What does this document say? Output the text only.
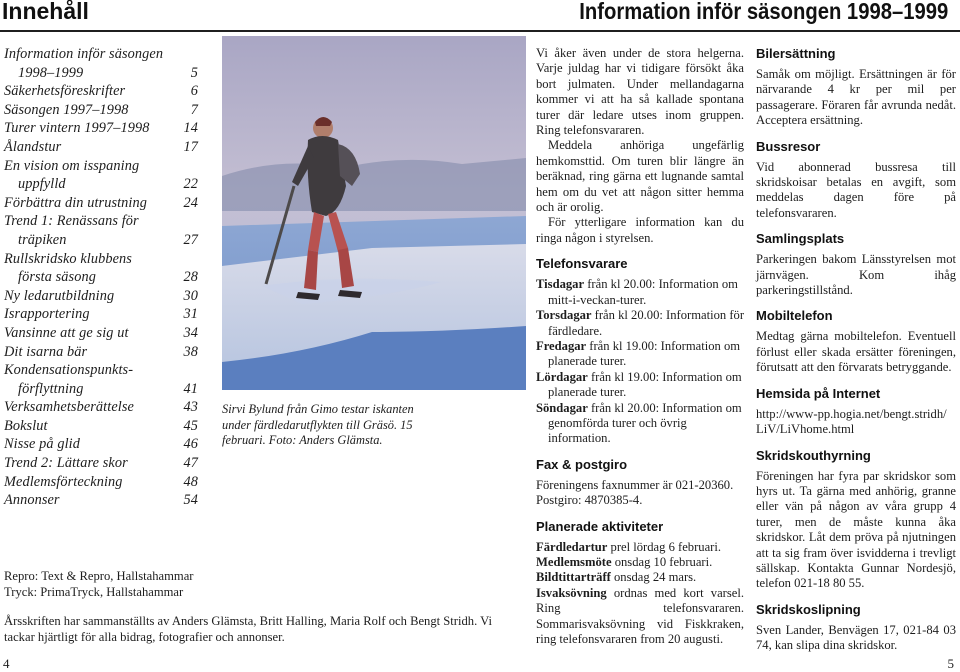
Innehåll	Information inför säsongen 1998–1999
Information inför säsongen
1998–1999	5
Säkerhetsföreskrifter	6
Säsongen 1997–1998	7
Turer vintern 1997–1998	14
Ålandstur	17
En vision om isspaning
uppfylld	22
Förbättra din utrustning	24
Trend 1: Renässans för
träpiken	27
Rullskridsko klubbens
första säsong	28
Ny ledarutbildning	30
Israpportering	31
Vansinne att ge sig ut	34
Dit isarna bär	38
Kondensationspunkts-
förflyttning	41
Verksamhetsberättelse	43
Bokslut	45
Nisse på glid	46
Trend 2: Lättare skor	47
Medlemsförteckning	48
Annonser	54
Repro: Text & Repro, Hallstahammar
Tryck: PrimaTryck, Hallstahammar
Årsskriften har sammanställts av Anders Glämsta, Britt Halling, Maria Rolf och Bengt Stridh. Vi tackar hjärtligt för alla bidrag, fotografier och annonser.
4	5
Sirvi Bylund från Gimo testar iskanten under färdledarutflykten till Gräsö. 15 februari. Foto: Anders Glämsta.

Vi åker även under de stora helgerna. Varje juldag har vi tidigare försökt åka bort julmaten. Under mellandagarna kommer vi att ha så kallade spontana turer där ledare utses inom gruppen. Ring telefonsvararen.

Meddela anhöriga ungefärlig hemkomsttid. Om turen blir längre än beräknad, ring gärna ett lugnande samtal hem om du vet att någon sitter hemma och är orolig.

För ytterligare information kan du ringa någon i styrelsen.

Telefonsvarare
Tisdagar från kl 20.00: Information om mitt-i-veckan-turer.
Torsdagar från kl 20.00: Information för färdledare.
Fredagar från kl 19.00: Information om planerade turer.
Lördagar från kl 19.00: Information om planerade turer.
Söndagar från kl 20.00: Information om genomförda turer och övrig information.
Fax & postgiro

Föreningens faxnummer är 021-20360.

Postgiro: 4870385-4.

Planerade aktiviteter

Färdledartur prel lördag 6 februari.

Medlemsmöte onsdag 10 februari.

Bildtittarträff onsdag 24 mars.

Isvaksövning ordnas med kort varsel. Ring telefonsvararen. Sommarisvaksövning vid Fiskkraken, ring telefonsvararen from 20 augusti.

Bilersättning

Samåk om möjligt. Ersättningen är för närvarande 4 kr per mil per passagerare. Föraren får avrunda nedåt. Acceptera ersättning.

Bussresor

Vid abonnerad bussresa till skridskoisar betalas en avgift, som meddelas dagen före på telefonsvararen.

Samlingsplats

Parkeringen bakom Länsstyrelsen mot järnvägen. Kom ihåg parkeringstillstånd.

Mobiltelefon

Medtag gärna mobiltelefon. Eventuell förlust eller skada ersätter föreningen, förutsatt att den förvarats betryggande.

Hemsida på Internet

http://www-pp.hogia.net/bengt.stridh/ LiV/LiVhome.html

Skridskouthyrning

Föreningen har fyra par skridskor som hyrs ut. Ta gärna med anhörig, granne eller vän på någon av våra grupp 4 turer, men de måste kunna åka skridskor. Låt dem pröva på njutningen att ta sig fram över isvidderna i trevligt sällskap. Kontakta Gunnar Nordesjö, telefon 021-18 80 55.

Skridskoslipning

Sven Lander, Benvägen 17, 021-84 03 74, kan slipa dina skridskor.
